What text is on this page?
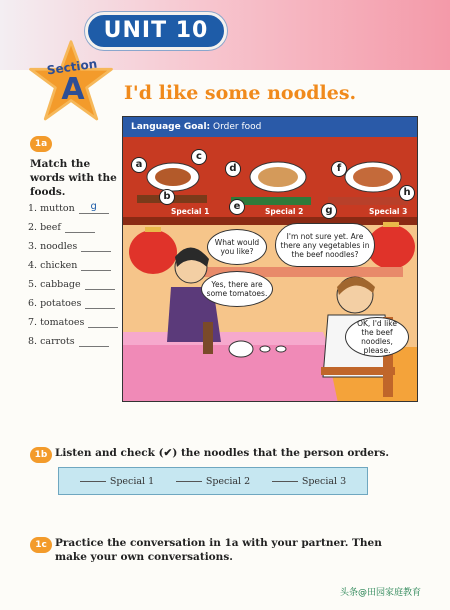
UNIT 10
Section
A I'd like some noodles.
1a
Match the words with the foods.
1. mutton	g
2. beef
3. noodles
4. chicken
5. cabbage
6. potatoes
7. tomatoes
8. carrots
Language Goal: Order food
Special 1	Special 2	Special 3
a
b
c
d
e
f
g
h
What would you like?
I'm not sure yet. Are there any vegetables in the beef noodles?
Yes, there are some tomatoes.
OK, I'd like the beef noodles, please.
1b Listen and check (✔) the noodles that the person orders.
Special 1	Special 2	Special 3
1c Practice the conversation in 1a with your partner. Then make your own conversations.
头条@田园家庭教育
